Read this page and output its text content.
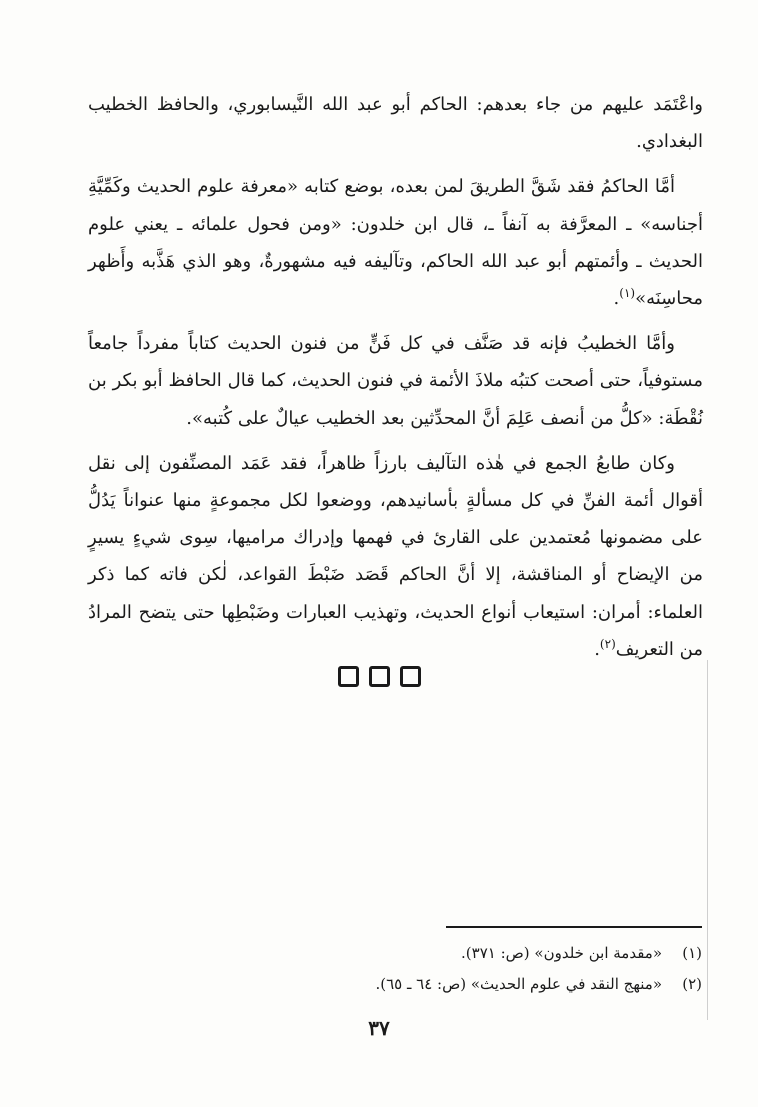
واعْتَمَد عليهم من جاء بعدهم: الحاكم أبو عبد الله النَّيسابوري، والحافظ الخطيب البغدادي.

أمَّا الحاكمُ فقد شَقَّ الطريقَ لمن بعده، بوضع كتابه «معرفة علوم الحديث وكَمِّيَّةِ أجناسه» ـ المعرَّفة به آنفاً ـ، قال ابن خلدون: «ومن فحول علمائه ـ يعني علوم الحديث ـ وأئمتهم أبو عبد الله الحاكم، وتآليفه فيه مشهورةٌ، وهو الذي هَذَّبه وأَظهر محاسِنَه»$^{(١)}$.

وأمَّا الخطيبُ فإنه قد صَنَّف في كل فَنٍّ من فنون الحديث كتاباً مفرداً جامعاً مستوفياً، حتى أصحت كتبُه ملاذَ الأئمة في فنون الحديث، كما قال الحافظ أبو بكر بن نُقْطَة: «كلُّ من أنصف عَلِمَ أنَّ المحدِّثين بعد الخطيب عيالٌ على كُتبه».

وكان طابعُ الجمع في هٰذه التآليف بارزاً ظاهراً، فقد عَمَد المصنِّفون إلى نقل أقوال أئمة الفنِّ في كل مسألةٍ بأسانيدهم، ووضعوا لكل مجموعةٍ منها عنواناً يَدُلُّ على مضمونها مُعتمدين على القارئ في فهمها وإدراك مراميها، سِوى شيءٍ يسيرٍ من الإيضاح أو المناقشة، إلا أنَّ الحاكم قَصَد ضَبْطَ القواعد، لٰكن فاته كما ذكر العلماء: أمران: استيعاب أنواع الحديث، وتهذيب العبارات وضَبْطِها حتى يتضح المرادُ من التعريف$^{(٢)}$.

(١)
«مقدمة ابن خلدون» (ص: ٣٧١).
(٢)
«منهج النقد في علوم الحديث» (ص: ٦٤ ـ ٦٥).
٣٧
